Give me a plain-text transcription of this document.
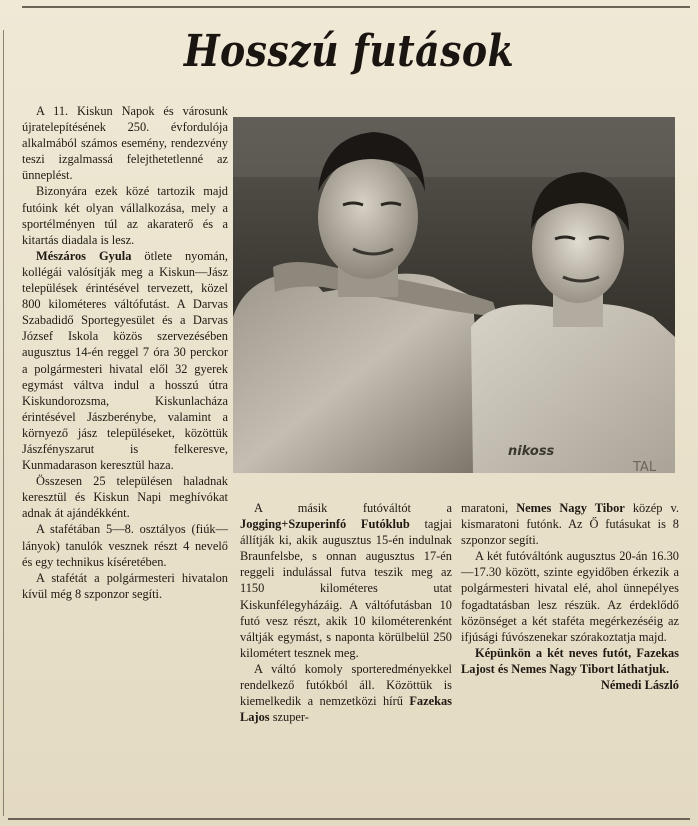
Hosszú futások

A 11. Kiskun Napok és városunk újratelepítésének 250. évfordulója alkalmából számos esemény, rendezvény teszi izgalmassá felejthetetlenné az ünneplést.

Bizonyára ezek közé tartozik majd futóink két olyan vállalkozása, mely a sportélményen túl az akaraterő és a kitartás diadala is lesz.

Mészáros Gyula ötlete nyomán, kollégái valósítják meg a Kiskun—Jász települések érintésével tervezett, közel 800 kilométeres váltófutást. A Darvas Szabadidő Sportegyesület és a Darvas József Iskola közös szervezésében augusztus 14-én reggel 7 óra 30 perckor a polgármesteri hivatal elől 32 gyerek egymást váltva indul a hosszú útra Kiskundorozsma, Kiskunlacháza érintésével Jászberénybe, valamint a környező jász településeket, közöttük Jászfényszarut is felkeresve, Kunmadarason keresztül haza.

Összesen 25 településen haladnak keresztül és Kiskun Napi meghívókat adnak át ajándékként.

A stafétában 5—8. osztályos (fiúk—lányok) tanulók vesznek részt 4 nevelő és egy technikus kíséretében.

A stafétát a polgármesteri hivatalon kívül még 8 szponzor segíti.

nikoss
TAL

A másik futóváltót a Jogging+Szuperinfó Futóklub tagjai állítják ki, akik augusztus 15-én indulnak Braunfelsbe, s onnan augusztus 17-én reggeli indulással futva teszik meg az 1150 kilométeres utat Kiskunfélegyházáig. A váltófutásban 10 futó vesz részt, akik 10 kilométerenként váltják egymást, s naponta körülbelül 250 kilométert tesznek meg.

A váltó komoly sporteredményekkel rendelkező futókból áll. Közöttük is kiemelkedik a nemzetközi hírű Fazekas Lajos szuper-

maratoni, Nemes Nagy Tibor közép v. kismaratoni futónk. Az Ő futásukat is 8 szponzor segíti.

A két futóváltónk augusztus 20-án 16.30—17.30 között, szinte egyidőben érkezik a polgármesteri hivatal elé, ahol ünnepélyes fogadtatásban lesz részük. Az érdeklődő közönséget a két staféta megérkezéséig az ifjúsági fúvószenekar szórakoztatja majd.

Képünkön a két neves futót, Fazekas Lajost és Nemes Nagy Tibort láthatjuk.

Némedi László
